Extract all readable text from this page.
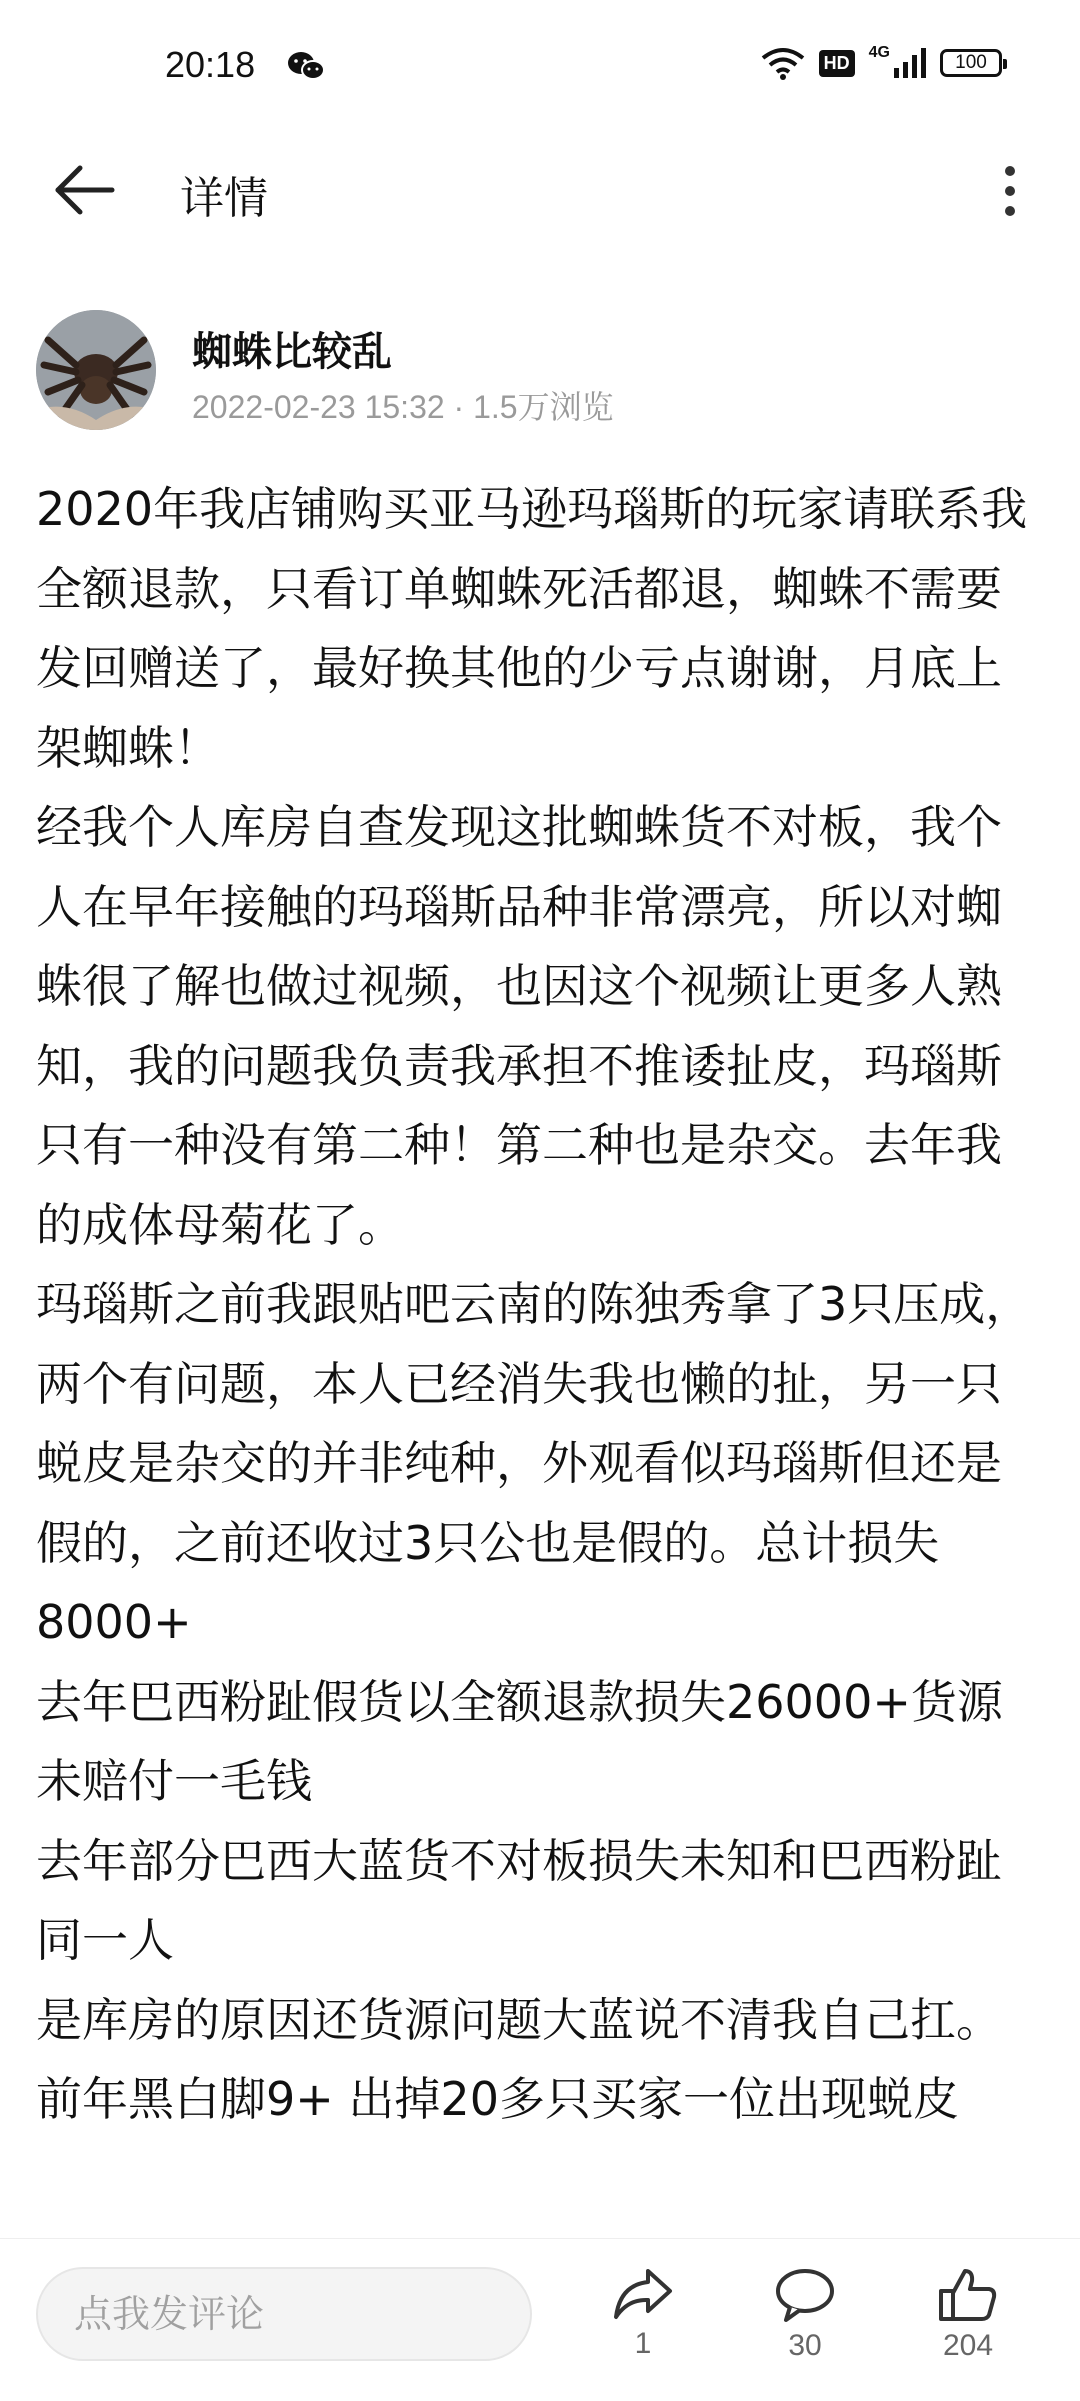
20:18	HD	4G	100
详情
蜘蛛比较乱
2022-02-23 15:32 · 1.5万浏览

2020年我店铺购买亚马逊玛瑙斯的玩家请联系我全额退款，只看订单蜘蛛死活都退，蜘蛛不需要发回赠送了，最好换其他的少亏点谢谢，月底上架蜘蛛！

经我个人库房自查发现这批蜘蛛货不对板，我个人在早年接触的玛瑙斯品种非常漂亮，所以对蜘蛛很了解也做过视频，也因这个视频让更多人熟知，我的问题我负责我承担不推诿扯皮，玛瑙斯只有一种没有第二种！第二种也是杂交。去年我的成体母菊花了。

玛瑙斯之前我跟贴吧云南的陈独秀拿了3只压成，两个有问题，本人已经消失我也懒的扯，另一只蜕皮是杂交的并非纯种，外观看似玛瑙斯但还是假的，之前还收过3只公也是假的。总计损失8000+

去年巴西粉趾假货以全额退款损失26000+货源未赔付一毛钱

去年部分巴西大蓝货不对板损失未知和巴西粉趾同一人

是库房的原因还货源问题大蓝说不清我自己扛。

前年黑白脚9+ 出掉20多只买家一位出现蜕皮

点我发评论
1	30	204
